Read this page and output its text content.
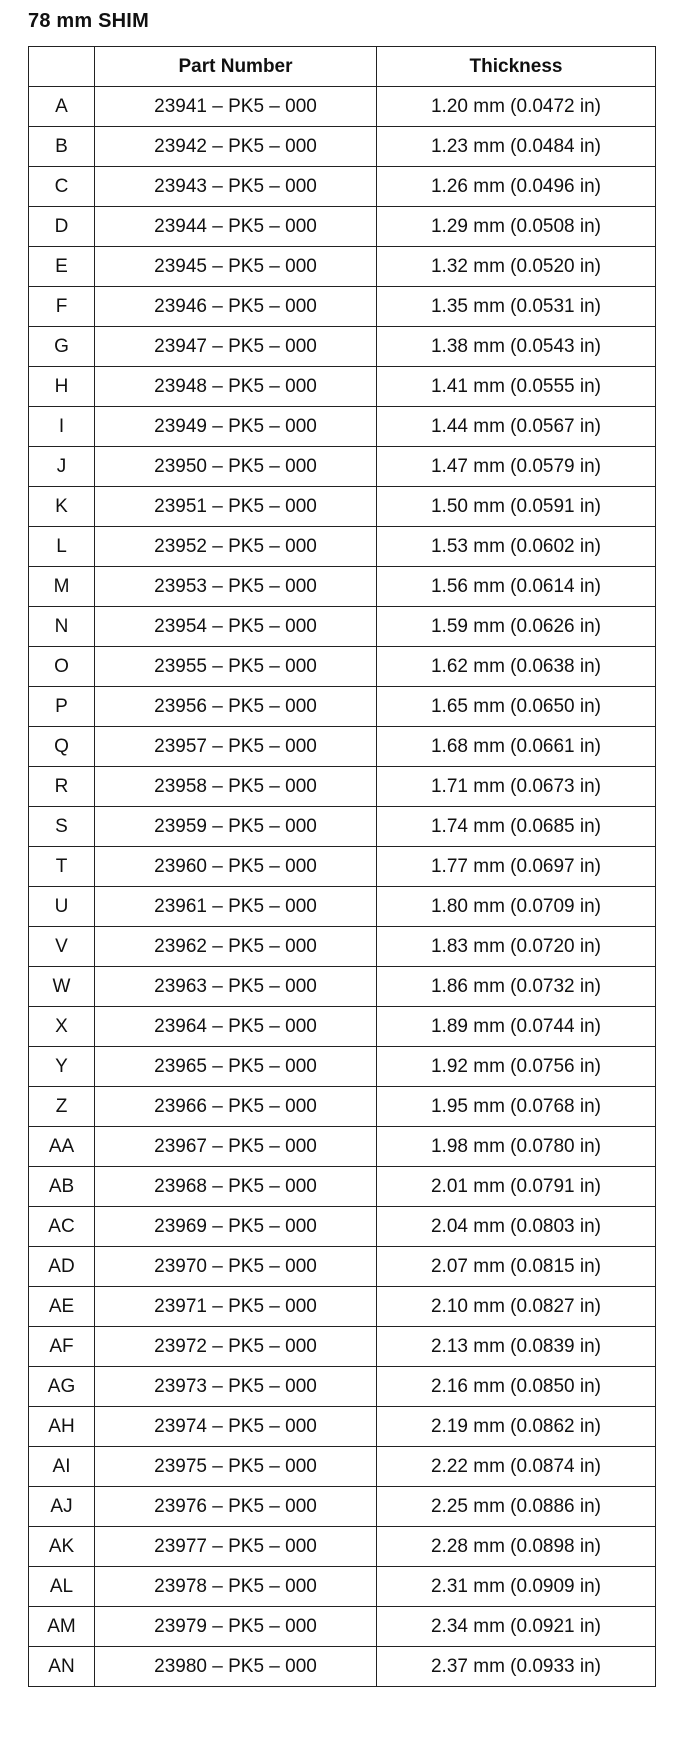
78 mm SHIM
	Part Number	Thickness
A	23941 – PK5 – 000	1.20 mm (0.0472 in)
B	23942 – PK5 – 000	1.23 mm (0.0484 in)
C	23943 – PK5 – 000	1.26 mm (0.0496 in)
D	23944 – PK5 – 000	1.29 mm (0.0508 in)
E	23945 – PK5 – 000	1.32 mm (0.0520 in)
F	23946 – PK5 – 000	1.35 mm (0.0531 in)
G	23947 – PK5 – 000	1.38 mm (0.0543 in)
H	23948 – PK5 – 000	1.41 mm (0.0555 in)
I	23949 – PK5 – 000	1.44 mm (0.0567 in)
J	23950 – PK5 – 000	1.47 mm (0.0579 in)
K	23951 – PK5 – 000	1.50 mm (0.0591 in)
L	23952 – PK5 – 000	1.53 mm (0.0602 in)
M	23953 – PK5 – 000	1.56 mm (0.0614 in)
N	23954 – PK5 – 000	1.59 mm (0.0626 in)
O	23955 – PK5 – 000	1.62 mm (0.0638 in)
P	23956 – PK5 – 000	1.65 mm (0.0650 in)
Q	23957 – PK5 – 000	1.68 mm (0.0661 in)
R	23958 – PK5 – 000	1.71 mm (0.0673 in)
S	23959 – PK5 – 000	1.74 mm (0.0685 in)
T	23960 – PK5 – 000	1.77 mm (0.0697 in)
U	23961 – PK5 – 000	1.80 mm (0.0709 in)
V	23962 – PK5 – 000	1.83 mm (0.0720 in)
W	23963 – PK5 – 000	1.86 mm (0.0732 in)
X	23964 – PK5 – 000	1.89 mm (0.0744 in)
Y	23965 – PK5 – 000	1.92 mm (0.0756 in)
Z	23966 – PK5 – 000	1.95 mm (0.0768 in)
AA	23967 – PK5 – 000	1.98 mm (0.0780 in)
AB	23968 – PK5 – 000	2.01 mm (0.0791 in)
AC	23969 – PK5 – 000	2.04 mm (0.0803 in)
AD	23970 – PK5 – 000	2.07 mm (0.0815 in)
AE	23971 – PK5 – 000	2.10 mm (0.0827 in)
AF	23972 – PK5 – 000	2.13 mm (0.0839 in)
AG	23973 – PK5 – 000	2.16 mm (0.0850 in)
AH	23974 – PK5 – 000	2.19 mm (0.0862 in)
AI	23975 – PK5 – 000	2.22 mm (0.0874 in)
AJ	23976 – PK5 – 000	2.25 mm (0.0886 in)
AK	23977 – PK5 – 000	2.28 mm (0.0898 in)
AL	23978 – PK5 – 000	2.31 mm (0.0909 in)
AM	23979 – PK5 – 000	2.34 mm (0.0921 in)
AN	23980 – PK5 – 000	2.37 mm (0.0933 in)
